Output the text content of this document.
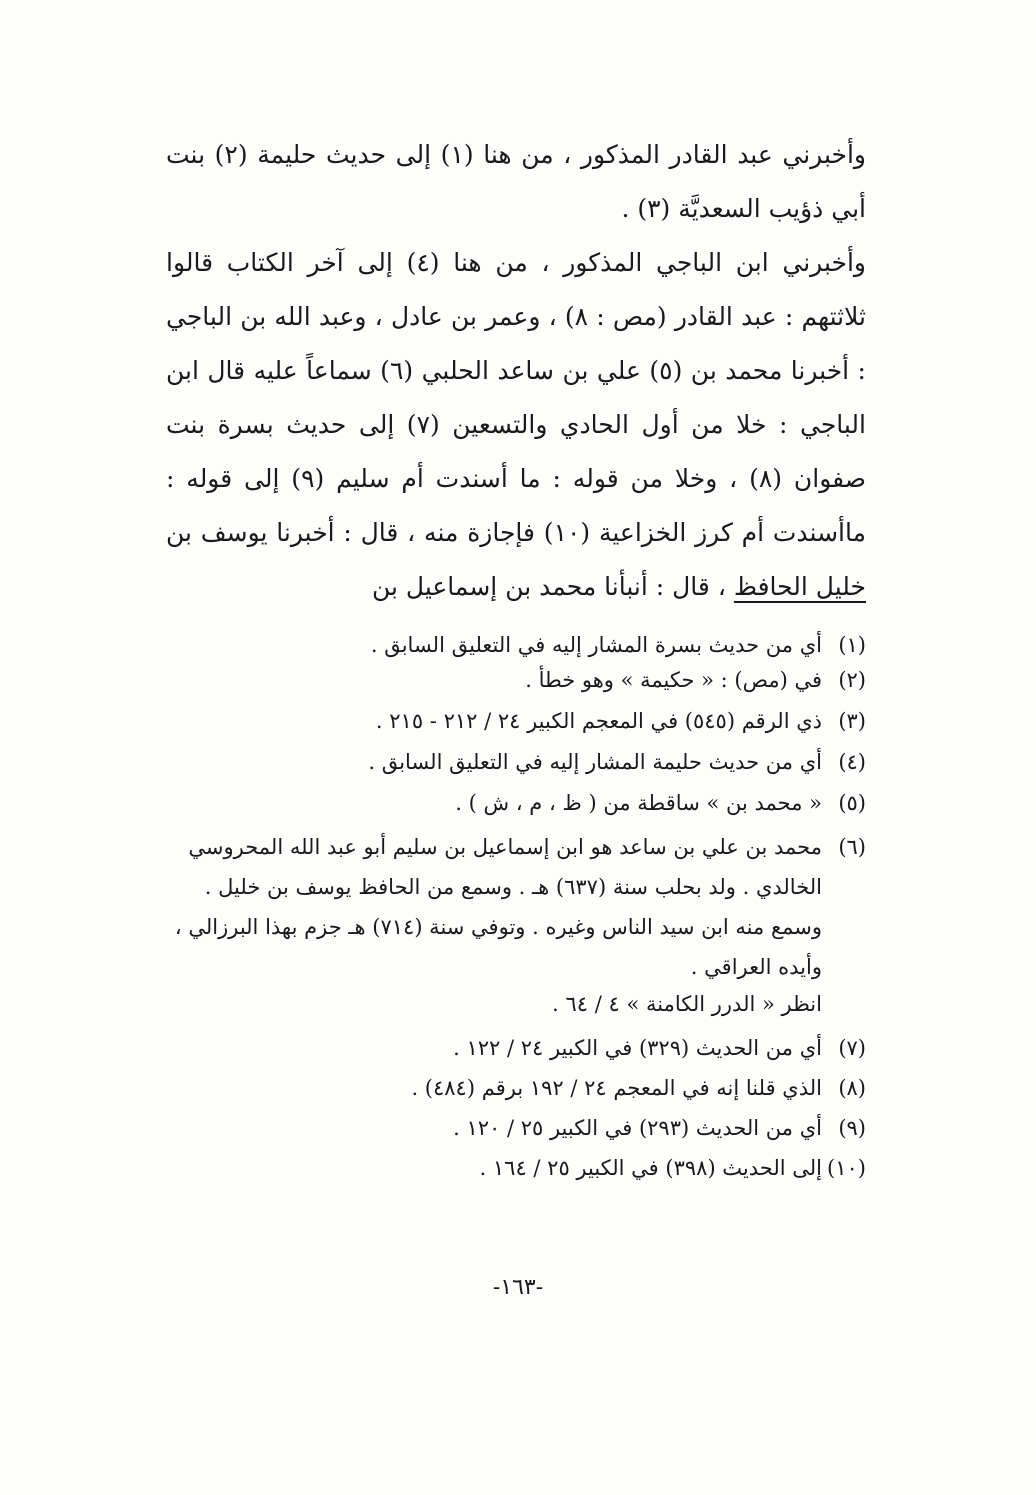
وأخبرني عبد القادر المذكور ، من هنا (١) إلى حديث حليمة (٢) بنت أبي ذؤيب السعديَّة (٣) .

وأخبرني ابن الباجي المذكور ، من هنا (٤) إلى آخر الكتاب قالوا ثلاثتهم : عبد القادر (مص : ٨) ، وعمر بن عادل ، وعبد الله بن الباجي : أخبرنا محمد بن (٥) علي بن ساعد الحلبي (٦) سماعاً عليه قال ابن الباجي : خلا من أول الحادي والتسعين (٧) إلى حديث بسرة بنت صفوان (٨) ، وخلا من قوله : ما أسندت أم سليم (٩) إلى قوله : ماأسندت أم كرز الخزاعية (١٠) فإجازة منه ، قال : أخبرنا يوسف بن خليل الحافظ ، قال : أنبأنا محمد بن إسماعيل بن

(١)
أي من حديث بسرة المشار إليه في التعليق السابق .
(٢)
في (مص) : « حكيمة » وهو خطأ .
(٣)
ذي الرقم (٥٤٥) في المعجم الكبير ٢٤ / ٢١٢ - ٢١٥ .
(٤)
أي من حديث حليمة المشار إليه في التعليق السابق .
(٥)
« محمد بن » ساقطة من ( ظ ، م ، ش ) .
(٦)
محمد بن علي بن ساعد هو ابن إسماعيل بن سليم أبو عبد الله المحروسي الخالدي . ولد بحلب سنة (٦٣٧) هـ . وسمع من الحافظ يوسف بن خليل . وسمع منه ابن سيد الناس وغيره . وتوفي سنة (٧١٤) هـ جزم بهذا البرزالي ، وأيده العراقي .
انظر « الدرر الكامنة » ٤ / ٦٤ .
(٧)
أي من الحديث (٣٢٩) في الكبير ٢٤ / ١٢٢ .
(٨)
الذي قلنا إنه في المعجم ٢٤ / ١٩٢ برقم (٤٨٤) .
(٩)
أي من الحديث (٢٩٣) في الكبير ٢٥ / ١٢٠ .
(١٠)
إلى الحديث (٣٩٨) في الكبير ٢٥ / ١٦٤ .
-١٦٣-
